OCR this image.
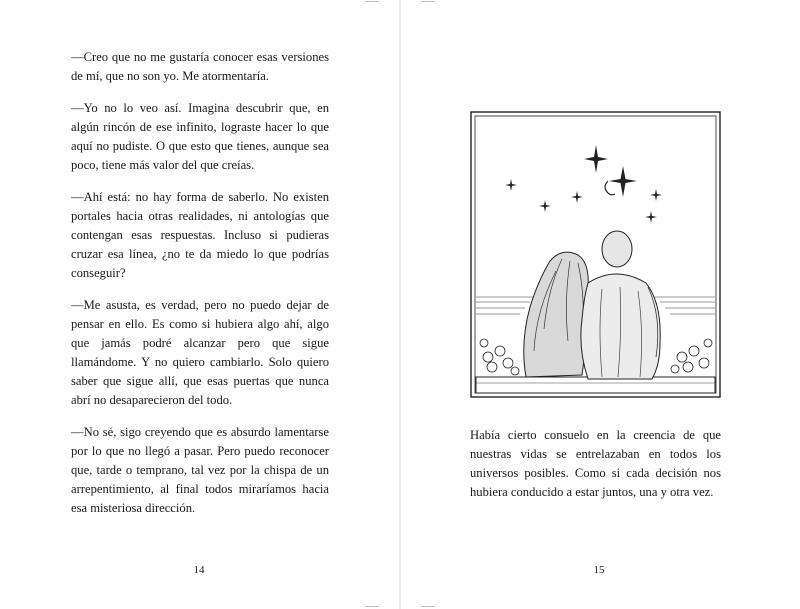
—Creo que no me gustaría conocer esas versiones de mí, que no son yo. Me atormentaría.

—Yo no lo veo así. Imagina descubrir que, en algún rincón de ese infinito, lograste hacer lo que aquí no pudiste. O que esto que tienes, aunque sea poco, tiene más valor del que creías.

—Ahí está: no hay forma de saberlo. No existen portales hacia otras realidades, ni antologías que contengan esas respuestas. Incluso si pudieras cruzar esa línea, ¿no te da miedo lo que podrías conseguir?

—Me asusta, es verdad, pero no puedo dejar de pensar en ello. Es como si hubiera algo ahí, algo que jamás podré alcanzar pero que sigue llamándome. Y no quiero cambiarlo. Solo quiero saber que sigue allí, que esas puertas que nunca abrí no desaparecieron del todo.

—No sé, sigo creyendo que es absurdo lamentarse por lo que no llegó a pasar. Pero puedo reconocer que, tarde o temprano, tal vez por la chispa de un arrepentimiento, al final todos miraríamos hacia esa misteriosa dirección.

14	15

Había cierto consuelo en la creencia de que nuestras vidas se entrelazaban en todos los universos posibles. Como si cada decisión nos hubiera conducido a estar juntos, una y otra vez.
